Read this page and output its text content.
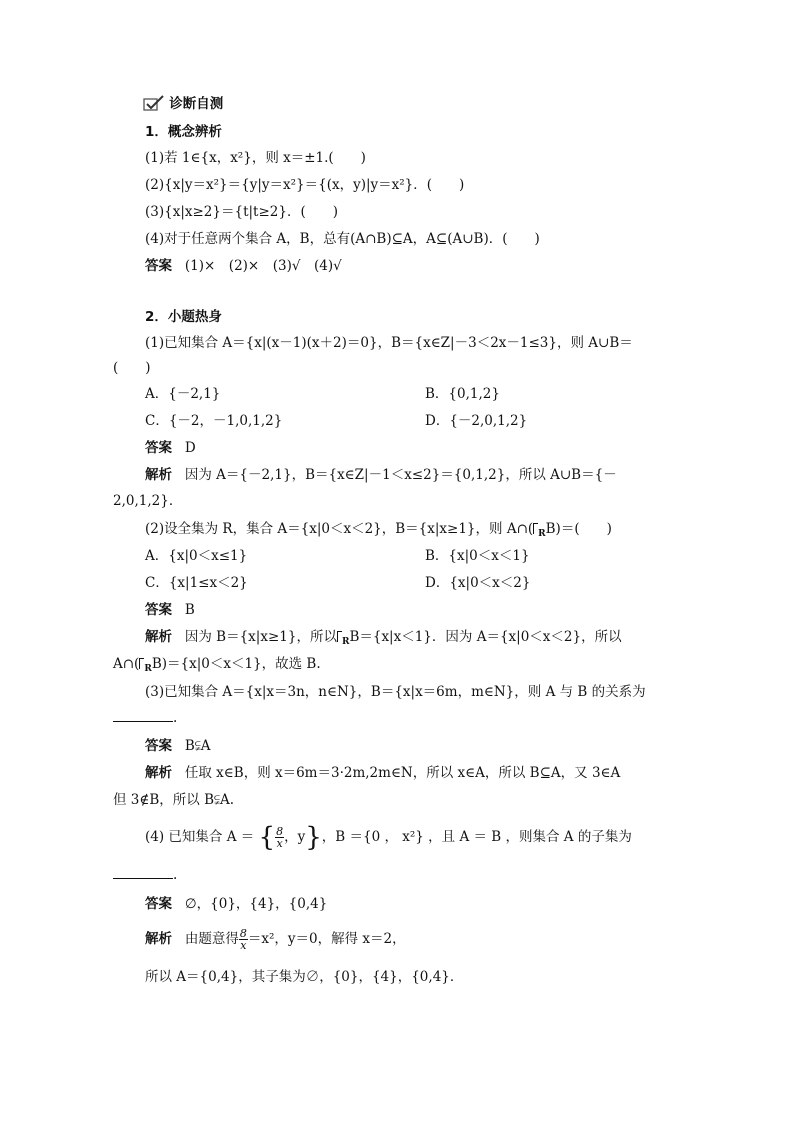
诊断自测
1．概念辨析
(1)若 1∈{x，x²}，则 x＝±1.(　　)
(2){x|y＝x²}＝{y|y＝x²}＝{(x，y)|y＝x²}．(　　)
(3){x|x≥2}＝{t|t≥2}．(　　)
(4)对于任意两个集合 A，B，总有(A∩B)⊆A，A⊆(A∪B)．(　　)
答案 (1)×　(2)×　(3)√　(4)√
2．小题热身
(1)已知集合 A＝{x|(x－1)(x＋2)＝0}，B＝{x∈Z|－3＜2x－1≤3}，则 A∪B＝
(　　)
A．{－2,1}	B．{0,1,2}
C．{－2，－1,0,1,2}	D．{－2,0,1,2}
答案 D
解析 因为 A＝{－2,1}，B＝{x∈Z|－1＜x≤2}＝{0,1,2}，所以 A∪B＝{－
2,0,1,2}．
(2)设全集为 R，集合 A＝{x|0＜x＜2}，B＝{x|x≥1}，则 A∩( $_R$B)＝(　　)
A．{x|0＜x≤1}	B．{x|0＜x＜1}
C．{x|1≤x＜2}	D．{x|0＜x＜2}
答案 B
解析 因为 B＝{x|x≥1}，所以 $_R$B＝{x|x＜1}．因为 A＝{x|0＜x＜2}，所以
A∩( $_R$B)＝{x|0＜x＜1}，故选 B.
(3)已知集合 A＝{x|x＝3n，n∈N}，B＝{x|x＝6m，m∈N}，则 A 与 B 的关系为
.
答案 B⫋A
解析 任取 x∈B，则 x＝6m＝3·2m,2m∈N，所以 x∈A，所以 B⊆A，又 3∈A
但 3∉B，所以 B⫋A.
(4) 已知集合 A ＝ { $\frac{8}{x}$ ，y}，B ＝{0 ， x²} ，且 A ＝ B ，则集合 A 的子集为
.
答案 ∅，{0}，{4}，{0,4}
解析 由题意得 $\frac{8}{x} =x^2$，y＝0，解得 x＝2，
所以 A＝{0,4}，其子集为∅，{0}，{4}，{0,4}．
